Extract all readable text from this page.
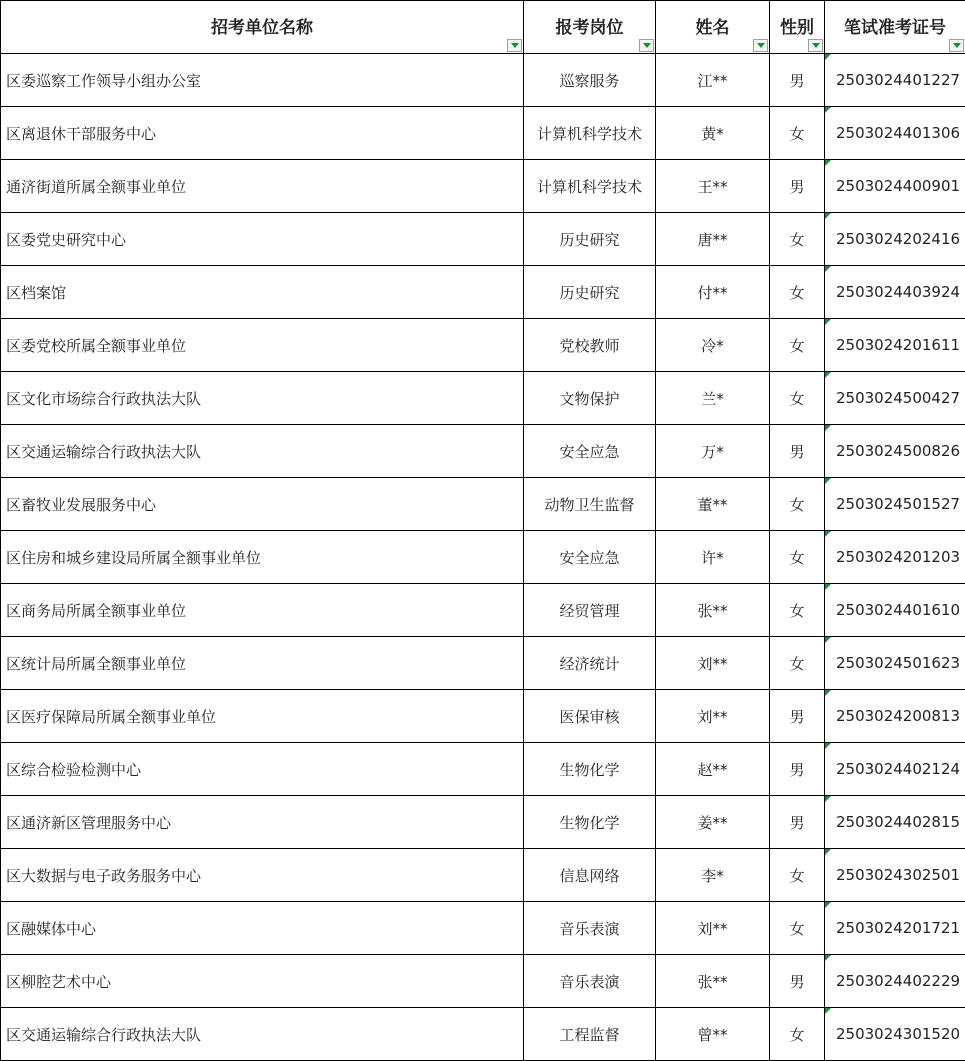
招考单位名称	报考岗位	姓名	性别	笔试准考证号

区委巡察工作领导小组办公室	巡察服务	江**	男	2503024401227
区离退休干部服务中心	计算机科学技术	黄*	女	2503024401306
通济街道所属全额事业单位	计算机科学技术	王**	男	2503024400901
区委党史研究中心	历史研究	唐**	女	2503024202416
区档案馆	历史研究	付**	女	2503024403924
区委党校所属全额事业单位	党校教师	冷*	女	2503024201611
区文化市场综合行政执法大队	文物保护	兰*	女	2503024500427
区交通运输综合行政执法大队	安全应急	万*	男	2503024500826
区畜牧业发展服务中心	动物卫生监督	董**	女	2503024501527
区住房和城乡建设局所属全额事业单位	安全应急	许*	女	2503024201203
区商务局所属全额事业单位	经贸管理	张**	女	2503024401610
区统计局所属全额事业单位	经济统计	刘**	女	2503024501623
区医疗保障局所属全额事业单位	医保审核	刘**	男	2503024200813
区综合检验检测中心	生物化学	赵**	男	2503024402124
区通济新区管理服务中心	生物化学	姜**	男	2503024402815
区大数据与电子政务服务中心	信息网络	李*	女	2503024302501
区融媒体中心	音乐表演	刘**	女	2503024201721
区柳腔艺术中心	音乐表演	张**	男	2503024402229
区交通运输综合行政执法大队	工程监督	曾**	女	2503024301520
